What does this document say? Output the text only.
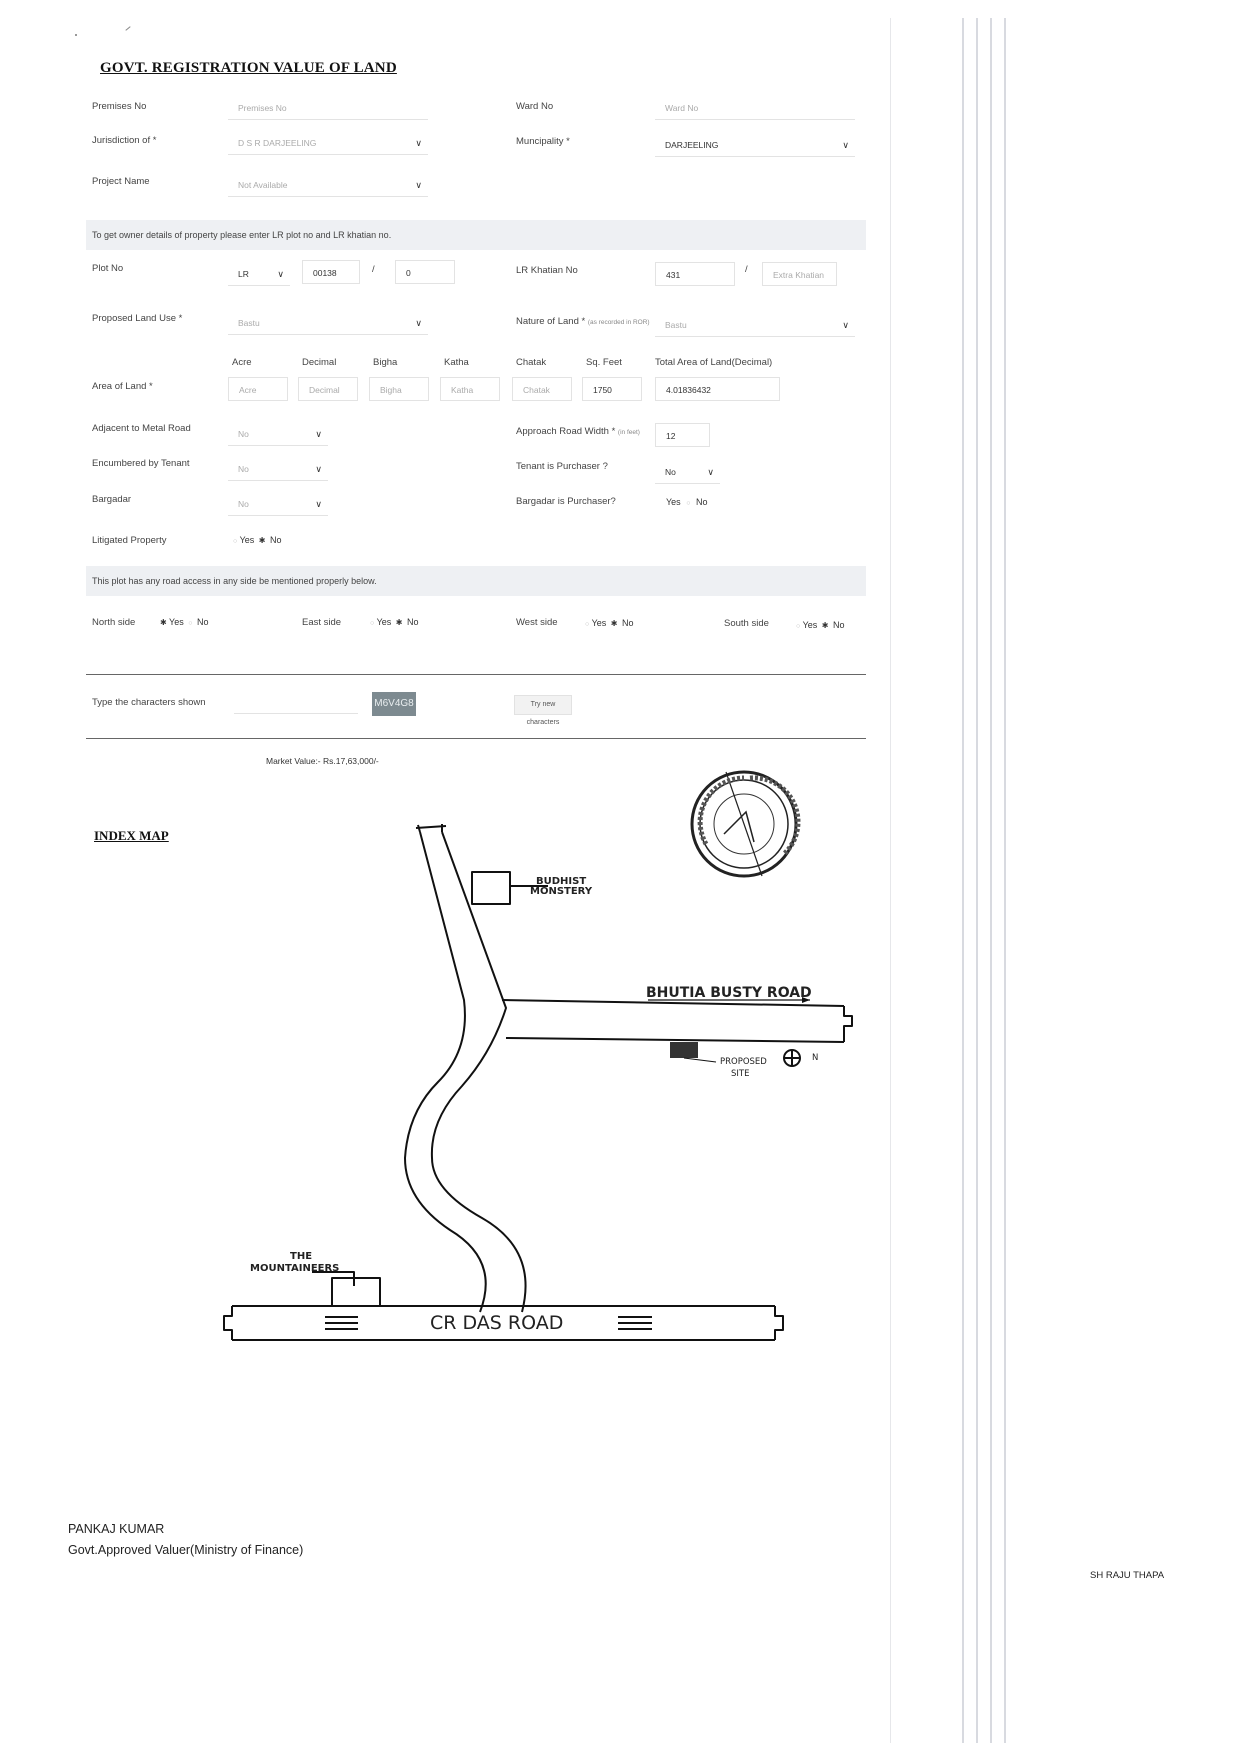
GOVT. REGISTRATION VALUE OF LAND
Premises No	Premises No	Ward No	Ward No
Jurisdiction of *	D S R DARJEELING	∨	Muncipality *	DARJEELING	∨
Project Name	Not Available	∨
To get owner details of property please enter LR plot no and LR khatian no.
Plot No	LR	∨	00138	/	0	LR Khatian No	431	/	Extra Khatian
Proposed Land Use *	Bastu	∨	Nature of Land * (as recorded in ROR)	Bastu	∨
Acre	Decimal	Bigha	Katha	Chatak	Sq. Feet	Total Area of Land(Decimal)
Area of Land *	Acre	Decimal	Bigha	Katha	Chatak	1750	4.01836432
Adjacent to Metal Road	No	∨	Approach Road Width * (in feet)	12
Encumbered by Tenant	No	∨	Tenant is Purchaser ?	No	∨
Bargadar	No	∨	Bargadar is Purchaser?	Yes ○ No
Litigated Property	○ Yes ✱ No
This plot has any road access in any side be mentioned properly below.
North side	✱ Yes ○ No	East side	○ Yes ✱ No	West side	○ Yes ✱ No	South side	○ Yes ✱ No
Type the characters shown	M6V4G8	Try new characters
Market Value:- Rs.17,63,000/-
INDEX MAP
BUDHIST
MONSTERY
BHUTIA BUSTY ROAD
PROPOSED
SITE
N
THE
MOUNTAINEERS
CR DAS ROAD
PANKAJ KUMAR
Govt.Approved Valuer(Ministry of Finance)
SH RAJU THAPA
